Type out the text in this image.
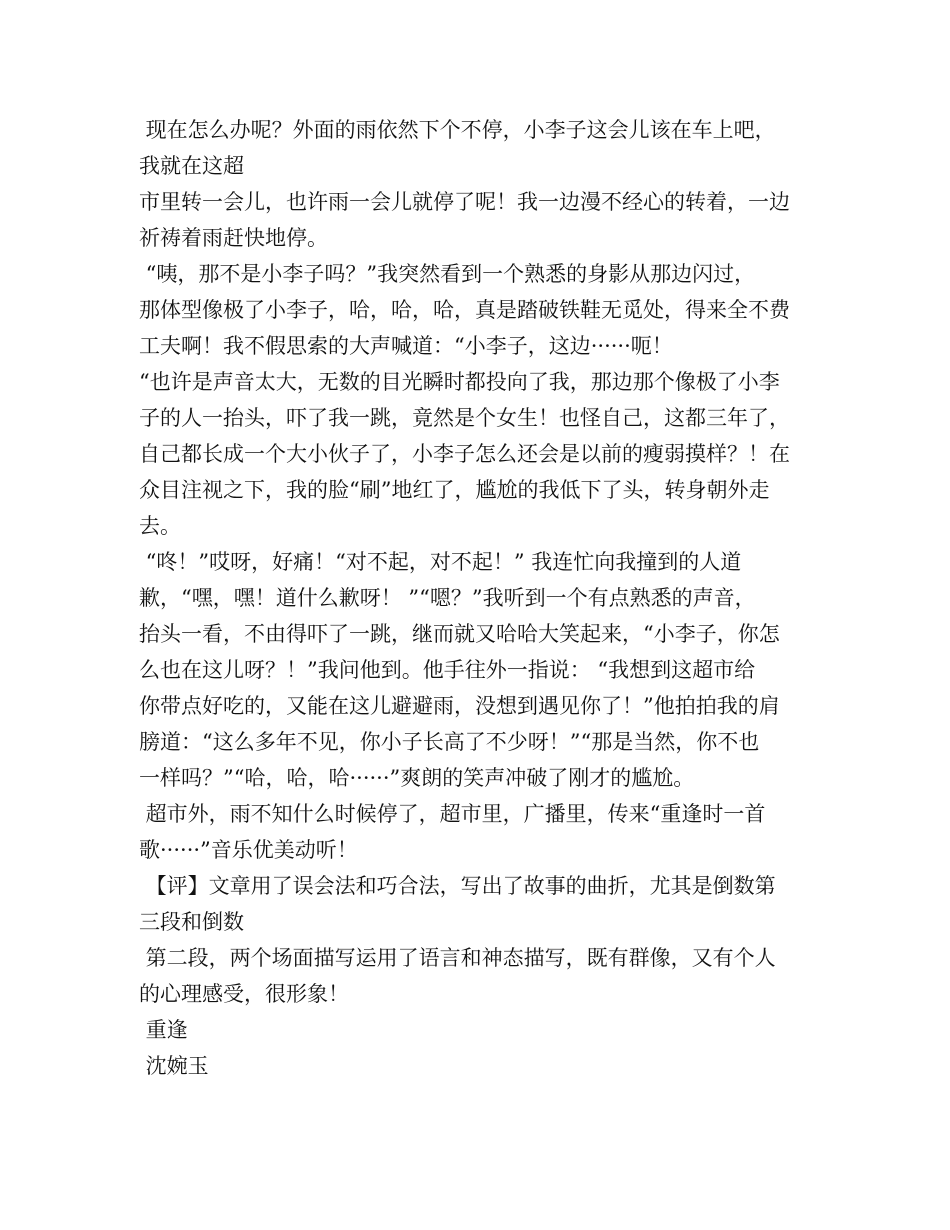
现在怎么办呢？外面的雨依然下个不停，小李子这会儿该在车上吧，
我就在这超
市里转一会儿，也许雨一会儿就停了呢！我一边漫不经心的转着，一边
祈祷着雨赶快地停。
“咦，那不是小李子吗？”我突然看到一个熟悉的身影从那边闪过，
那体型像极了小李子，哈，哈，哈，真是踏破铁鞋无觅处，得来全不费
工夫啊！我不假思索的大声喊道：“小李子，这边······呃！
“也许是声音太大，无数的目光瞬时都投向了我，那边那个像极了小李
子的人一抬头，吓了我一跳，竟然是个女生！也怪自己，这都三年了，
自己都长成一个大小伙子了，小李子怎么还会是以前的瘦弱摸样？！在
众目注视之下，我的脸“刷”地红了，尴尬的我低下了头，转身朝外走
去。
“咚！”哎呀，好痛！“对不起，对不起！” 我连忙向我撞到的人道
歉，“嘿，嘿！道什么歉呀！ ”“嗯？”我听到一个有点熟悉的声音，
抬头一看，不由得吓了一跳，继而就又哈哈大笑起来，“小李子，你怎
么也在这儿呀？！”我问他到。他手往外一指说： “我想到这超市给
你带点好吃的，又能在这儿避避雨，没想到遇见你了！”他拍拍我的肩
膀道：“这么多年不见，你小子长高了不少呀！”“那是当然，你不也
一样吗？”“哈，哈，哈······”爽朗的笑声冲破了刚才的尴尬。
超市外，雨不知什么时候停了，超市里，广播里，传来“重逢时一首
歌······”音乐优美动听！
【评】文章用了误会法和巧合法，写出了故事的曲折，尤其是倒数第
三段和倒数
第二段，两个场面描写运用了语言和神态描写，既有群像，又有个人
的心理感受，很形象！
重逢
沈婉玉
